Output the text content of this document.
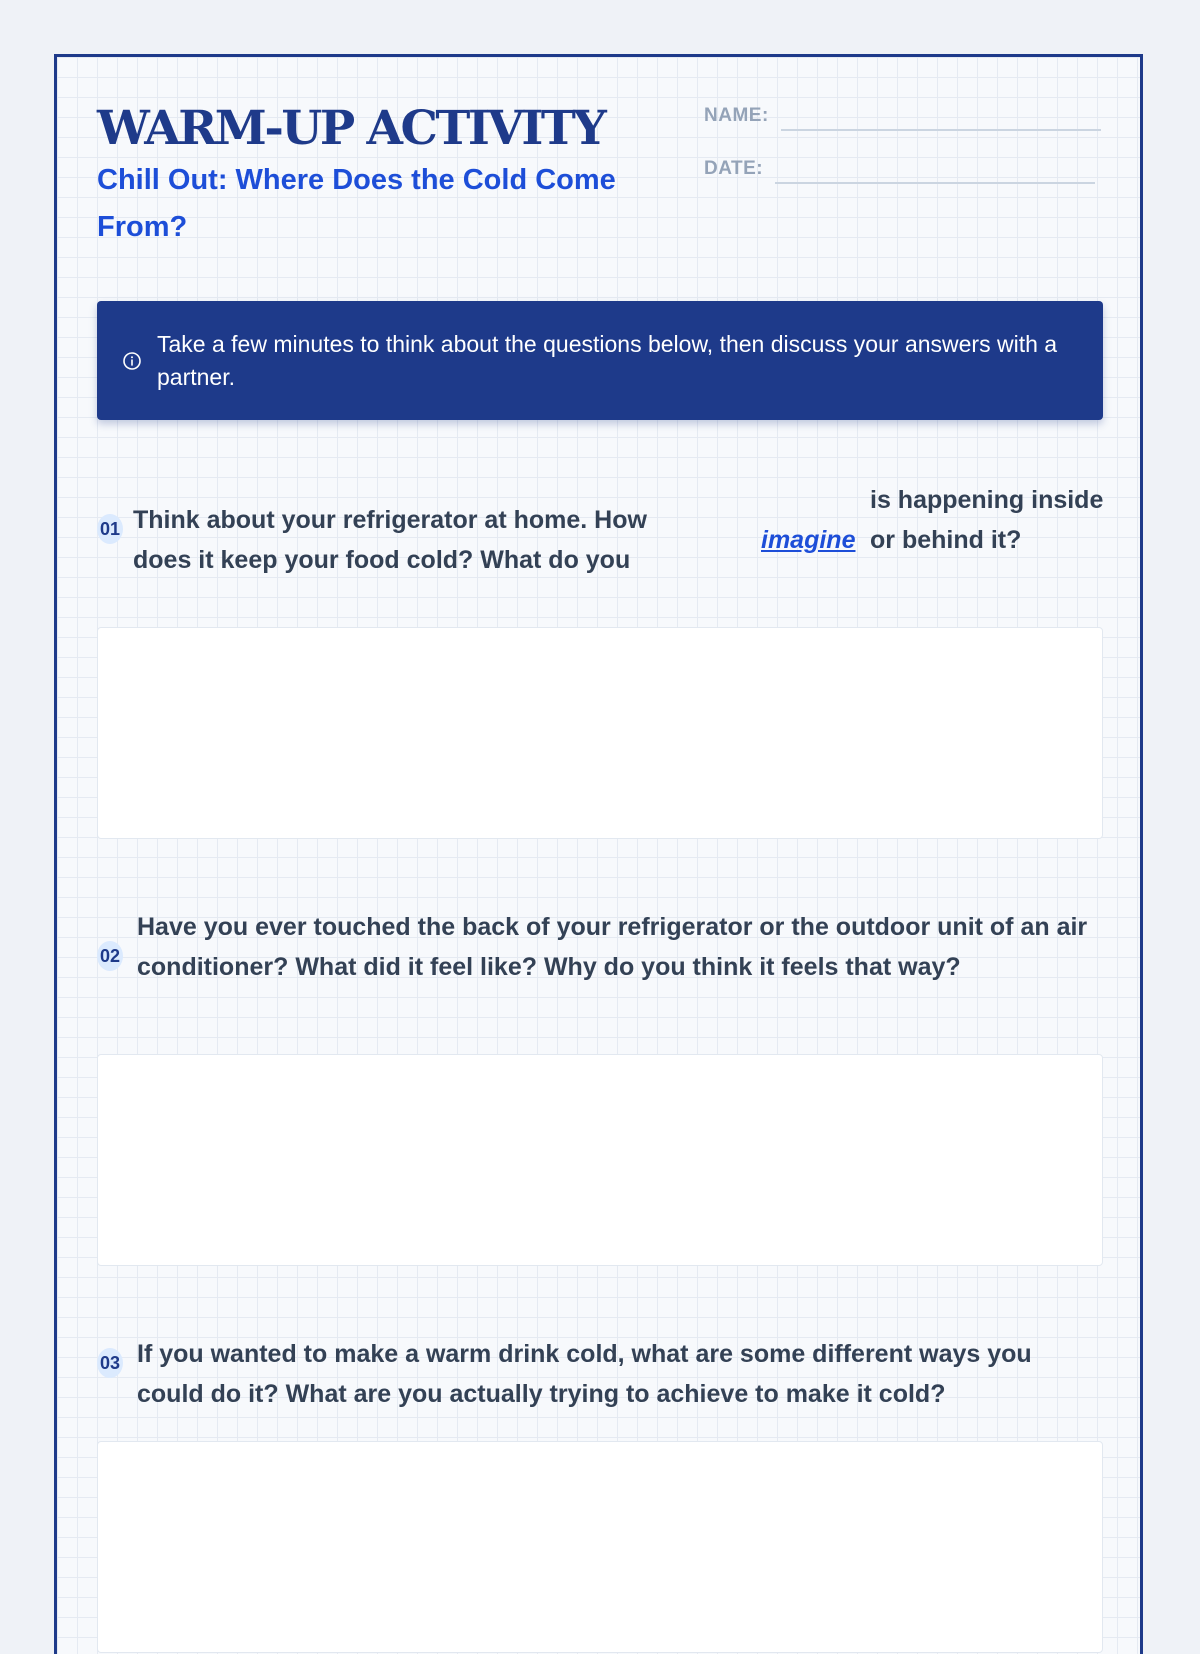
WARM-UP ACTIVITY
Chill Out: Where Does the Cold Come From?
NAME:
DATE:
Take a few minutes to think about the questions below, then discuss your answers with a partner.
01 Think about your refrigerator at home. How does it keep your food cold? What do you

imagine

is happening inside or behind it?

02

Have you ever touched the back of your refrigerator or the outdoor unit of an air conditioner? What did it feel like? Why do you think it feels that way?

03 If you wanted to make a warm drink cold, what are some different ways you could do it? What are you actually trying to achieve to make it cold?
